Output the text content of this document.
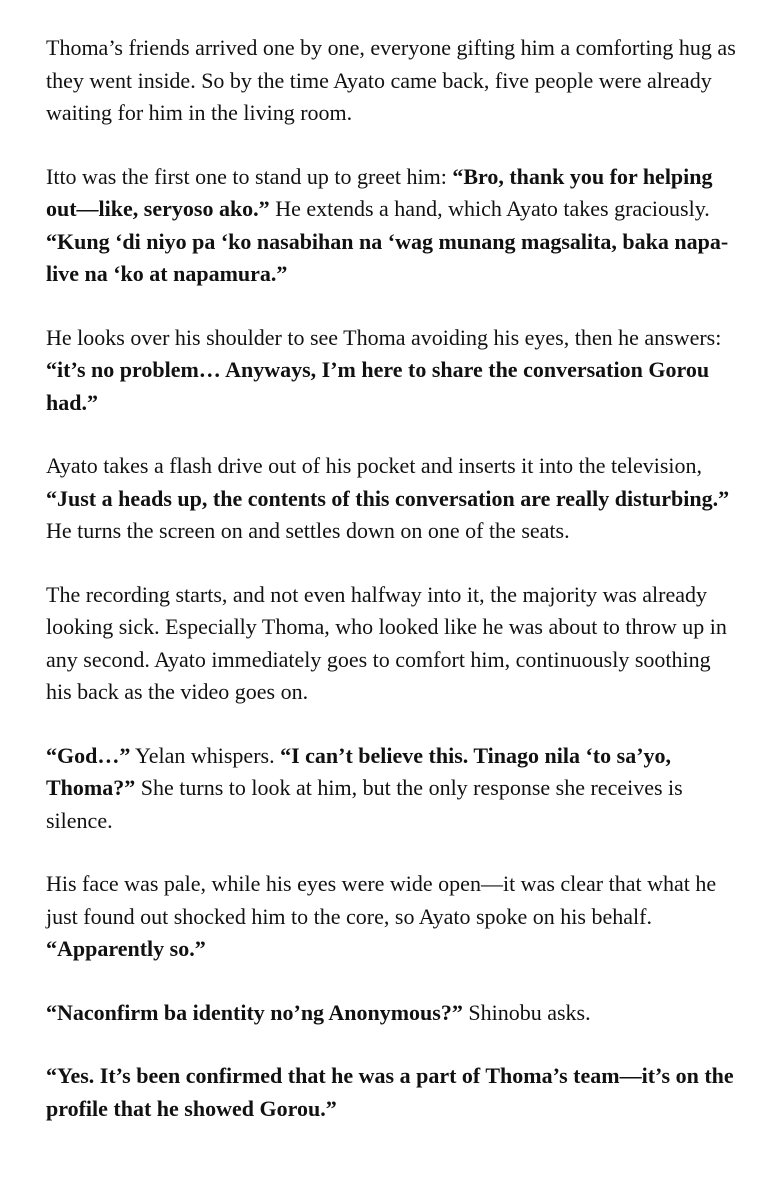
Thoma’s friends arrived one by one, everyone gifting him a comforting hug as they went inside. So by the time Ayato came back, five people were already waiting for him in the living room.

Itto was the first one to stand up to greet him: “Bro, thank you for helping out—like, seryoso ako.” He extends a hand, which Ayato takes graciously. “Kung ‘di niyo pa ‘ko nasabihan na ‘wag munang magsalita, baka napa-live na ‘ko at napamura.”

He looks over his shoulder to see Thoma avoiding his eyes, then he answers: “it’s no problem… Anyways, I’m here to share the conversation Gorou had.”

Ayato takes a flash drive out of his pocket and inserts it into the television, “Just a heads up, the contents of this conversation are really disturbing.” He turns the screen on and settles down on one of the seats.

The recording starts, and not even halfway into it, the majority was already looking sick. Especially Thoma, who looked like he was about to throw up in any second. Ayato immediately goes to comfort him, continuously soothing his back as the video goes on.

“God…” Yelan whispers. “I can’t believe this. Tinago nila ‘to sa’yo, Thoma?” She turns to look at him, but the only response she receives is silence.

His face was pale, while his eyes were wide open—it was clear that what he just found out shocked him to the core, so Ayato spoke on his behalf. “Apparently so.”

“Naconfirm ba identity no’ng Anonymous?” Shinobu asks.

“Yes. It’s been confirmed that he was a part of Thoma’s team—it’s on the profile that he showed Gorou.”
